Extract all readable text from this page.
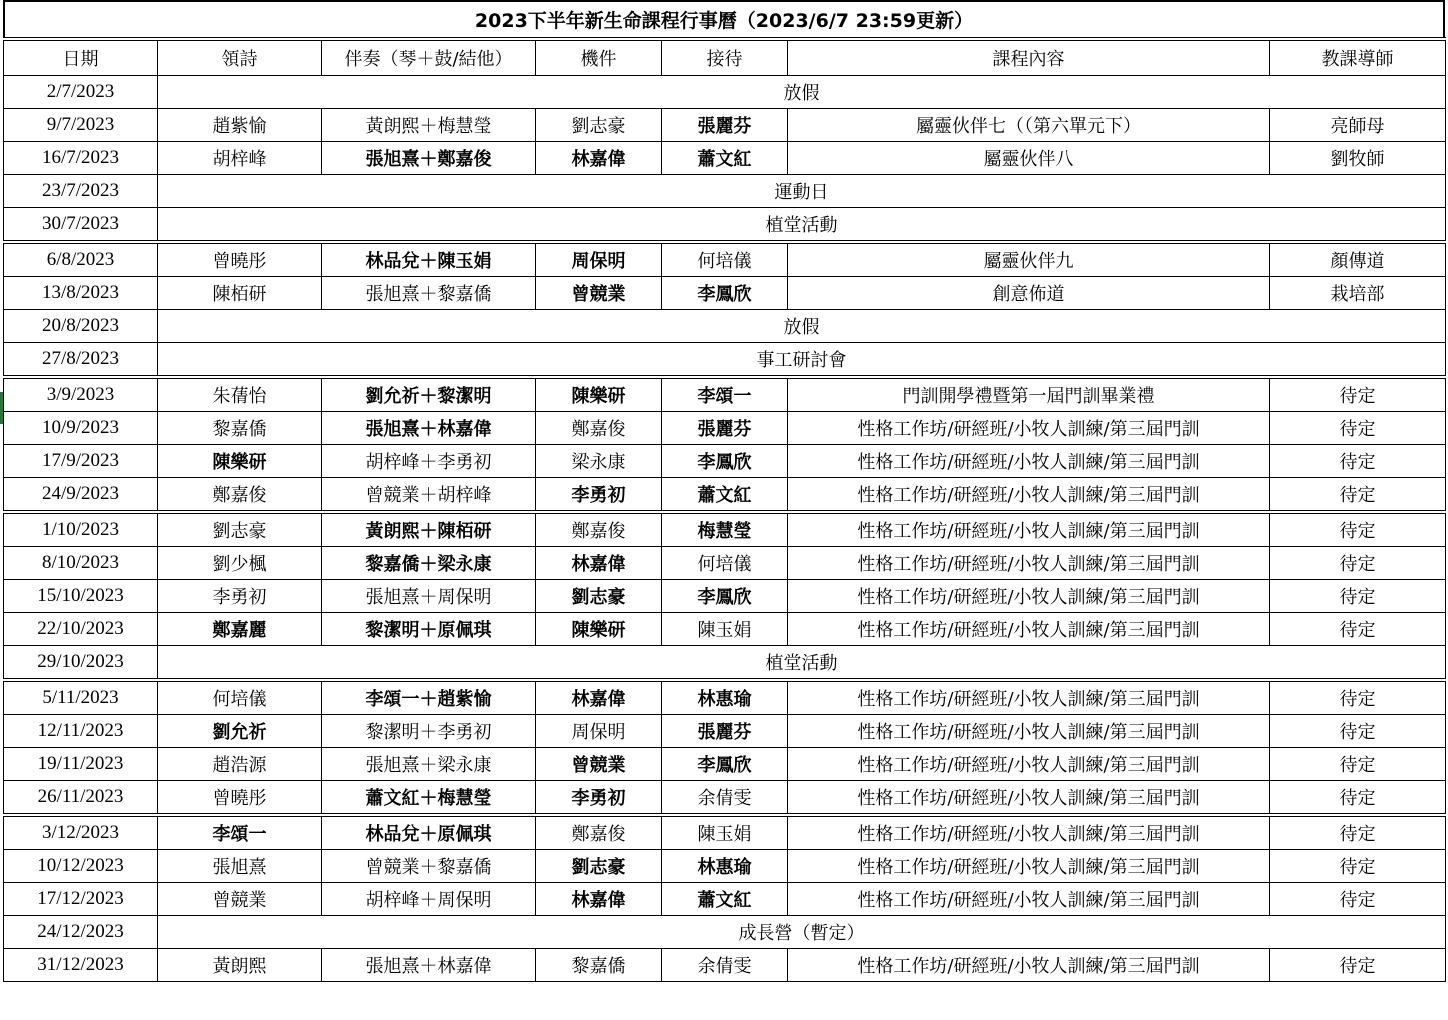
2023下半年新生命課程行事曆（2023/6/7 23:59更新）
日期	領詩	伴奏（琴＋鼓/結他）	機件	接待	課程內容	教課導師
2/7/2023	放假					
9/7/2023	趙紫愉	黃朗熙＋梅慧瑩	劉志豪	張麗芬	屬靈伙伴七（（第六單元下）	亮師母
16/7/2023	胡梓峰	張旭熹＋鄭嘉俊	林嘉偉	蕭文紅	屬靈伙伴八	劉牧師
23/7/2023	運動日					
30/7/2023	植堂活動					
6/8/2023	曾曉彤	林品兌＋陳玉娟	周保明	何培儀	屬靈伙伴九	顏傳道
13/8/2023	陳栢研	張旭熹＋黎嘉僑	曾競業	李鳳欣	創意佈道	栽培部
20/8/2023	放假					
27/8/2023	事工研討會					
3/9/2023	朱蒨怡	劉允祈＋黎潔明	陳樂研	李頌一	門訓開學禮暨第一屆門訓畢業禮	待定
10/9/2023	黎嘉僑	張旭熹＋林嘉偉	鄭嘉俊	張麗芬	性格工作坊/研經班/小牧人訓練/第三屆門訓	待定
17/9/2023	陳樂研	胡梓峰＋李勇初	梁永康	李鳳欣	性格工作坊/研經班/小牧人訓練/第三屆門訓	待定
24/9/2023	鄭嘉俊	曾競業＋胡梓峰	李勇初	蕭文紅	性格工作坊/研經班/小牧人訓練/第三屆門訓	待定
1/10/2023	劉志豪	黃朗熙＋陳栢研	鄭嘉俊	梅慧瑩	性格工作坊/研經班/小牧人訓練/第三屆門訓	待定
8/10/2023	劉少楓	黎嘉僑＋梁永康	林嘉偉	何培儀	性格工作坊/研經班/小牧人訓練/第三屆門訓	待定
15/10/2023	李勇初	張旭熹＋周保明	劉志豪	李鳳欣	性格工作坊/研經班/小牧人訓練/第三屆門訓	待定
22/10/2023	鄭嘉麗	黎潔明＋原佩琪	陳樂研	陳玉娟	性格工作坊/研經班/小牧人訓練/第三屆門訓	待定
29/10/2023	植堂活動					
5/11/2023	何培儀	李頌一＋趙紫愉	林嘉偉	林惠瑜	性格工作坊/研經班/小牧人訓練/第三屆門訓	待定
12/11/2023	劉允祈	黎潔明＋李勇初	周保明	張麗芬	性格工作坊/研經班/小牧人訓練/第三屆門訓	待定
19/11/2023	趙浩源	張旭熹＋梁永康	曾競業	李鳳欣	性格工作坊/研經班/小牧人訓練/第三屆門訓	待定
26/11/2023	曾曉彤	蕭文紅＋梅慧瑩	李勇初	余倩雯	性格工作坊/研經班/小牧人訓練/第三屆門訓	待定
3/12/2023	李頌一	林品兌＋原佩琪	鄭嘉俊	陳玉娟	性格工作坊/研經班/小牧人訓練/第三屆門訓	待定
10/12/2023	張旭熹	曾競業＋黎嘉僑	劉志豪	林惠瑜	性格工作坊/研經班/小牧人訓練/第三屆門訓	待定
17/12/2023	曾競業	胡梓峰＋周保明	林嘉偉	蕭文紅	性格工作坊/研經班/小牧人訓練/第三屆門訓	待定
24/12/2023	成長營（暫定）					
31/12/2023	黃朗熙	張旭熹＋林嘉偉	黎嘉僑	余倩雯	性格工作坊/研經班/小牧人訓練/第三屆門訓	待定
